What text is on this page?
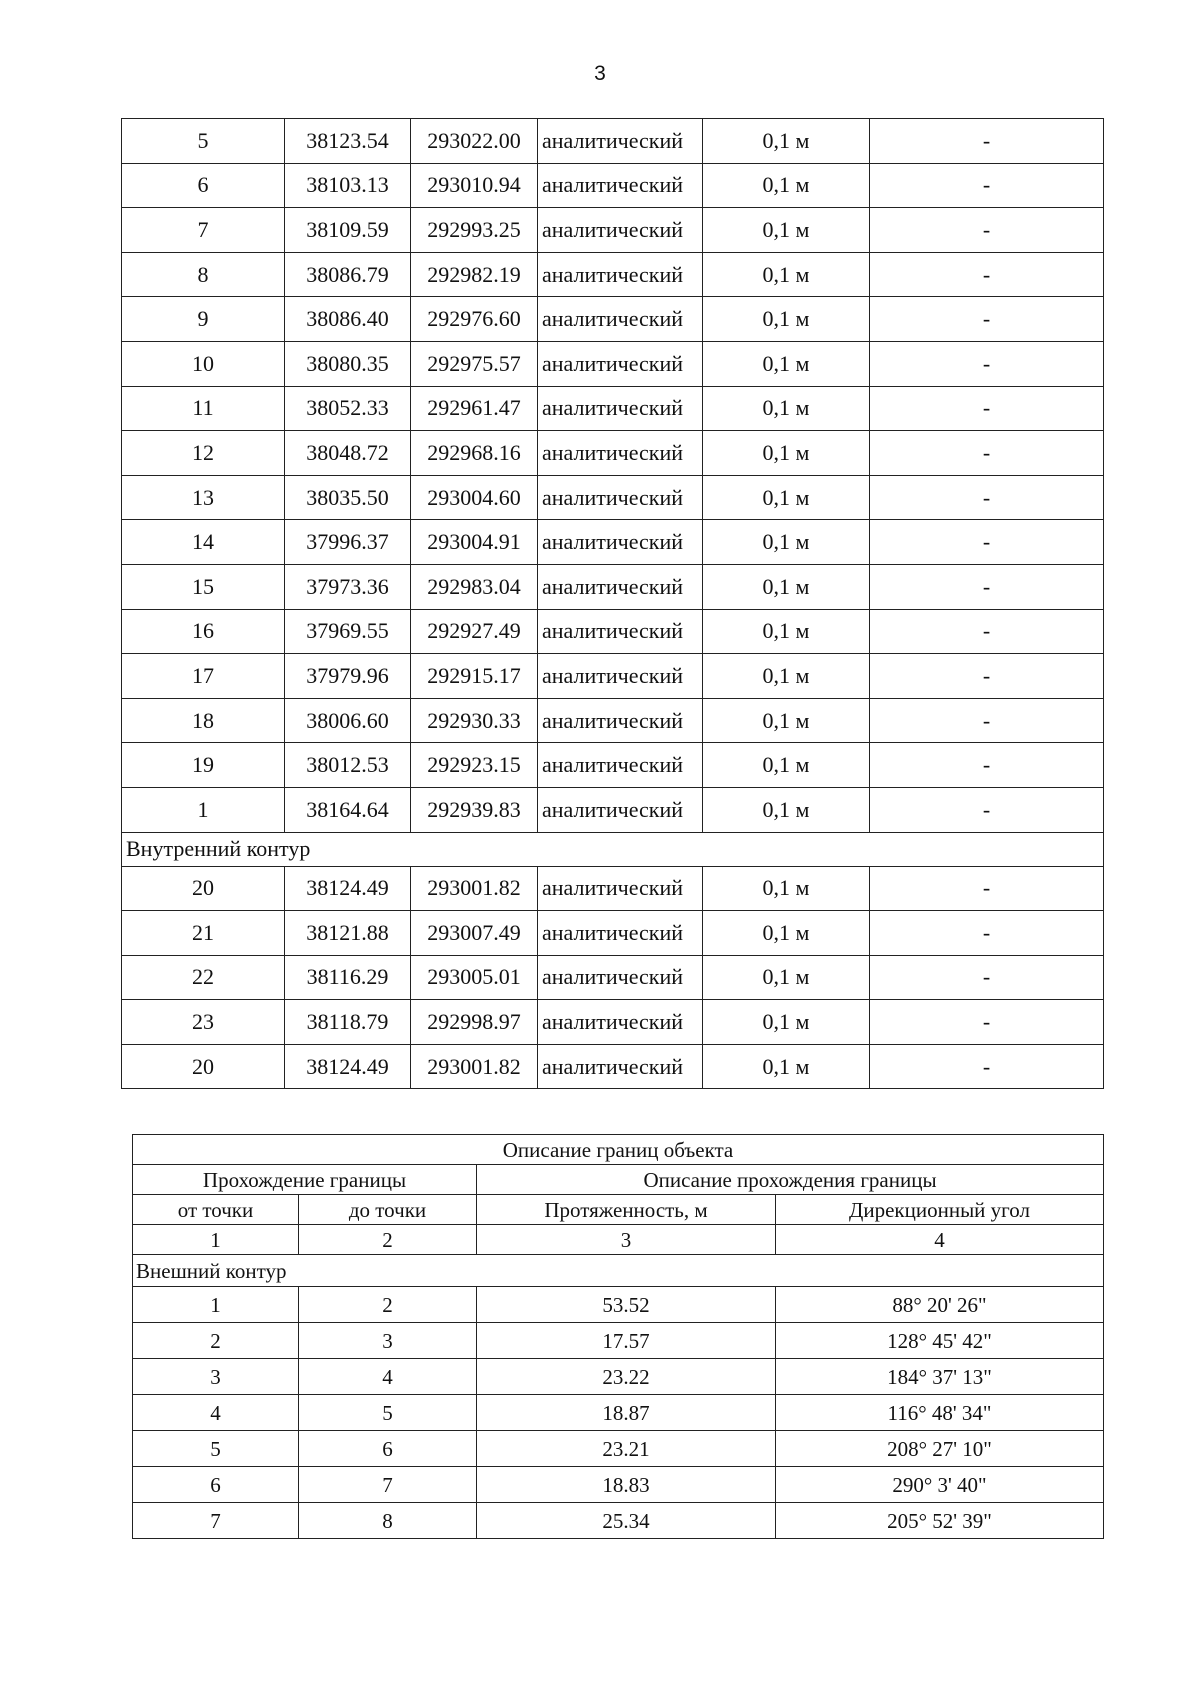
3
5	38123.54	293022.00	аналитический	0,1 м	-
6	38103.13	293010.94	аналитический	0,1 м	-
7	38109.59	292993.25	аналитический	0,1 м	-
8	38086.79	292982.19	аналитический	0,1 м	-
9	38086.40	292976.60	аналитический	0,1 м	-
10	38080.35	292975.57	аналитический	0,1 м	-
11	38052.33	292961.47	аналитический	0,1 м	-
12	38048.72	292968.16	аналитический	0,1 м	-
13	38035.50	293004.60	аналитический	0,1 м	-
14	37996.37	293004.91	аналитический	0,1 м	-
15	37973.36	292983.04	аналитический	0,1 м	-
16	37969.55	292927.49	аналитический	0,1 м	-
17	37979.96	292915.17	аналитический	0,1 м	-
18	38006.60	292930.33	аналитический	0,1 м	-
19	38012.53	292923.15	аналитический	0,1 м	-
1	38164.64	292939.83	аналитический	0,1 м	-
Внутренний контур					
20	38124.49	293001.82	аналитический	0,1 м	-
21	38121.88	293007.49	аналитический	0,1 м	-
22	38116.29	293005.01	аналитический	0,1 м	-
23	38118.79	292998.97	аналитический	0,1 м	-
20	38124.49	293001.82	аналитический	0,1 м	-
Описание границ объекта			
Прохождение границы		Описание прохождения границы	
от точки	до точки	Протяженность, м	Дирекционный угол
1	2	3	4
Внешний контур			
1	2	53.52	88° 20' 26"
2	3	17.57	128° 45' 42"
3	4	23.22	184° 37' 13"
4	5	18.87	116° 48' 34"
5	6	23.21	208° 27' 10"
6	7	18.83	290° 3' 40"
7	8	25.34	205° 52' 39"
